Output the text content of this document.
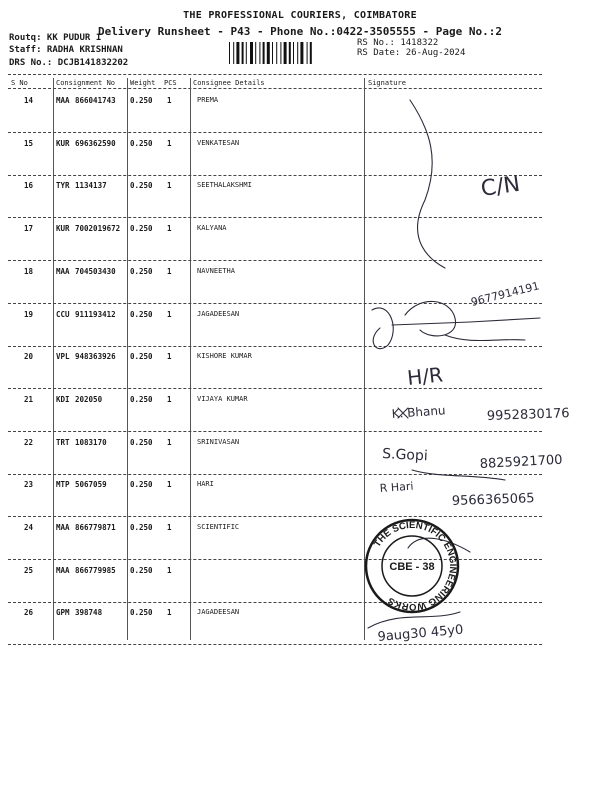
THE PROFESSIONAL COURIERS, COIMBATORE
Delivery Runsheet - P43 - Phone No.:0422-3505555 - Page No.:2
Routq: KK PUDUR 1
Staff: RADHA KRISHNAN
DRS No.: DCJB141832202
RS No.: 1418322
RS Date: 26-Aug-2024
S No	Consignment No Weight PCS Consignee Details	Signature
14	MAA 866041743 0.250 1	PREMA
15	KUR 696362590 0.250 1	VENKATESAN
16	TYR 1134137	0.250 1	SEETHALAKSHMI
17	KUR 7002019672 0.250 1	KALYANA
18	MAA 704503430 0.250 1	NAVNEETHA
19	CCU 911193412 0.250 1	JAGADEESAN
20	VPL 948363926 0.250 1	KISHORE KUMAR
21	KDI 202050	0.250 1	VIJAYA KUMAR
22	TRT 1083170	0.250 1	SRINIVASAN
23	MTP 5067059	0.250 1	HARI
24	MAA 866779871 0.250 1	SCIENTIFIC
25	MAA 866779985 0.250 1
26	GPM 398748	0.250 1	JAGADEESAN
C/N
9677914191
H/R
K. Bhanu	9952830176
S.Gopi	8825921700
R Hari
9566365065
9aug30 45y0
THE SCIENTIFIC ENGINEERING WORKS
CBE - 38
